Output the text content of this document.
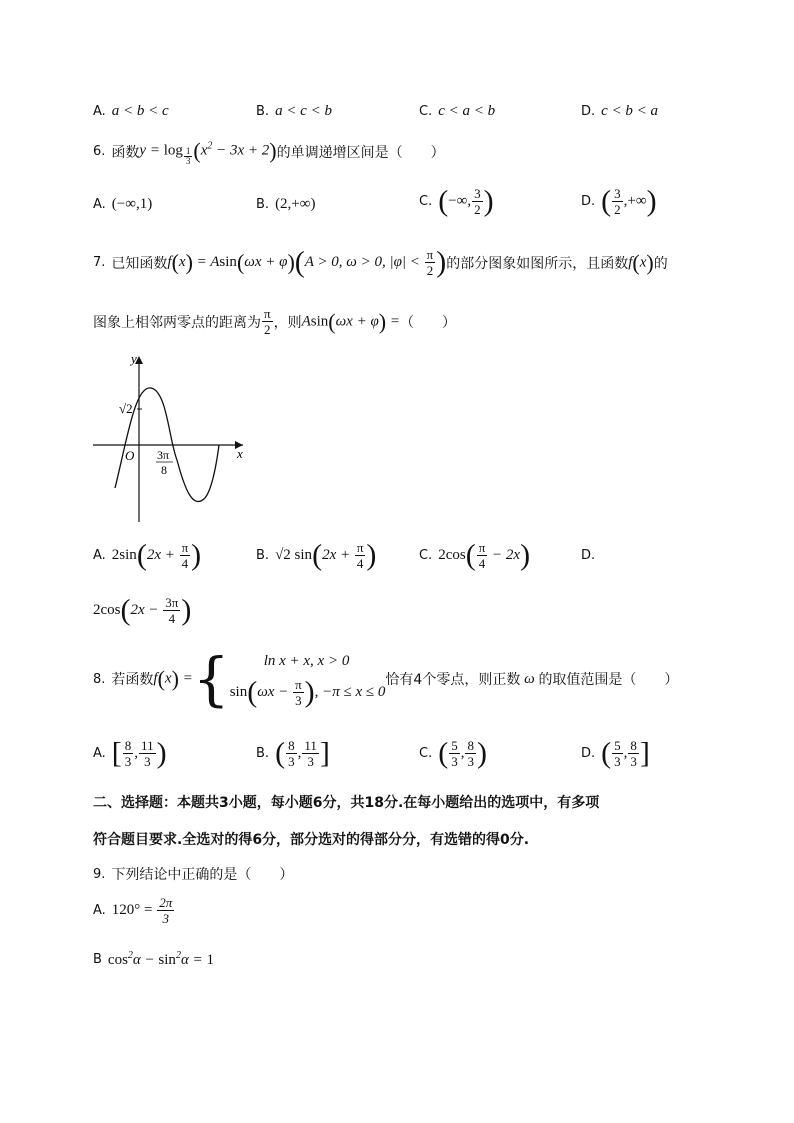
A. a < b < c	B. a < c < b	C. c < a < b	D. c < b < a
6. 函数 y = log $_{\frac{1}{3}}$ $(x^2 - 3x + 2)$ 的单调递增区间是（　　）
A. (−∞,1)	B. (2,+∞)	C. (−∞, $\frac{3}{2}$ )	D. ( $\frac{3}{2}$ ,+∞)
7. 已知函数 f(x) = Asin(ωx + φ)(A > 0, ω > 0, $|\varphi| < \frac{\pi}{2}$ ) 的部分图象如图所示，且函数 f(x) 的
图象上相邻两零点的距离为 $\frac{\pi}{2}$ ，则 Asin(ωx + φ) = （　　）
y
x
O
√2
3π
8
A. $2\sin(2x + \frac{\pi}{4}$ )	B. √2 $\sin(2x + \frac{\pi}{4}$ )	C. $2\cos( \frac{\pi}{4} - 2x)$	D.
$2\cos(2x - \frac{3\pi}{4}$ )
8. 若函数 f(x) = { ln x + x, x > 0
$\sin(\omega x - \frac{\pi}{3}$ ), −π ≤ x ≤ 0
恰有4个零点，则正数 ω 的取值范围是（　　）
A. [ $\frac{8}{3}$ , $\frac{11}{3}$ )	B. ( $\frac{8}{3}$ , $\frac{11}{3}$ ]	C. ( $\frac{5}{3}$ , $\frac{8}{3}$ )	D. ( $\frac{5}{3}$ , $\frac{8}{3}$ ]
二、选择题：本题共3小题，每小题6分，共18分.在每小题给出的选项中，有多项
符合题目要求.全选对的得6分，部分选对的得部分分，有选错的得0分.
9. 下列结论中正确的是（　　）
A. $120^\circ = \frac{2\pi}{3}$
B $\cos^2\alpha - \sin^2\alpha = 1$
